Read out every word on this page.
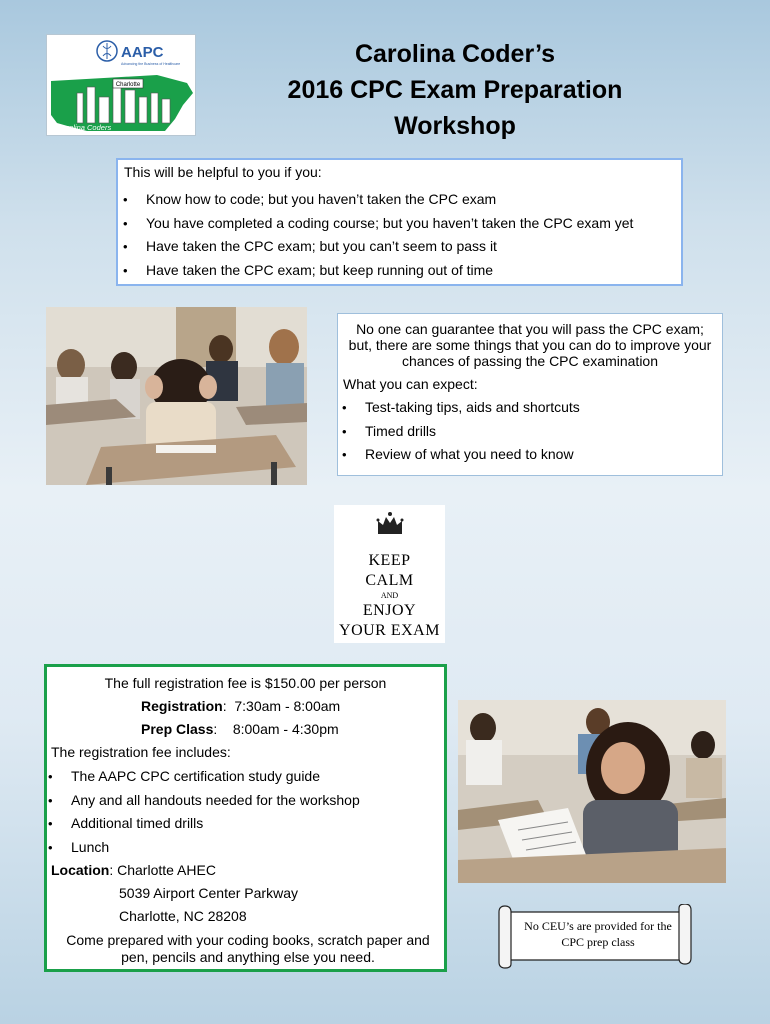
AAPC
Advancing the Business of Healthcare
Charlotte
Carolina Coders
Carolina Coder’s
2016 CPC Exam Preparation
Workshop
This will be helpful to you if you:
• Know how to code; but you haven’t taken the CPC exam
• You have completed a coding course; but you haven’t taken the CPC exam yet
• Have taken the CPC exam; but you can’t seem to pass it
• Have taken the CPC exam; but keep running out of time
No one can guarantee that you will pass the CPC exam; but, there are some things that you can do to improve your chances of passing the CPC examination
What you can expect:
• Test-taking tips, aids and shortcuts
• Timed drills
• Review of what you need to know
KEEP
CALM
AND
ENJOY
YOUR EXAM
The full registration fee is $150.00 per person
Registration:  7:30am - 8:00am
Prep Class:    8:00am - 4:30pm
The registration fee includes:
• The AAPC CPC certification study guide
• Any and all handouts needed for the workshop
• Additional timed drills
• Lunch
Location: Charlotte AHEC
5039 Airport Center Parkway
Charlotte, NC 28208
Come prepared with your coding books, scratch paper and pen, pencils and anything else you need.
No CEU’s are provided for the
CPC prep class
